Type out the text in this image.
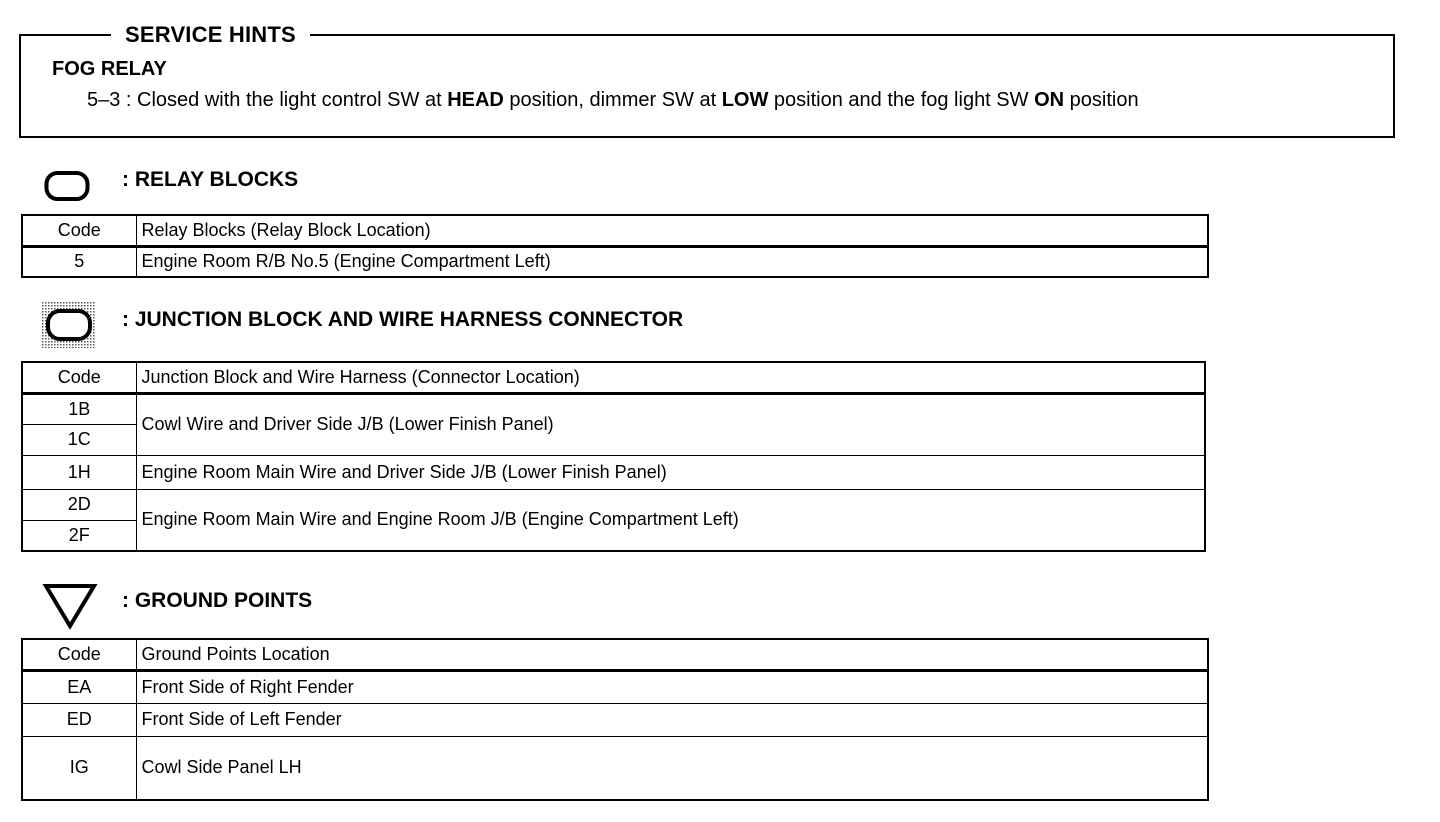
SERVICE HINTS
FOG RELAY
5–3 : Closed with the light control SW at HEAD position, dimmer SW at LOW position and the fog light SW ON position
: RELAY BLOCKS
Code	Relay Blocks (Relay Block Location)
5	Engine Room R/B No.5 (Engine Compartment Left)
: JUNCTION BLOCK AND WIRE HARNESS CONNECTOR
Code	Junction Block and Wire Harness (Connector Location)
1B	Cowl Wire and Driver Side J/B (Lower Finish Panel)
1C	
1H	Engine Room Main Wire and Driver Side J/B (Lower Finish Panel)
2D	Engine Room Main Wire and Engine Room J/B (Engine Compartment Left)
2F	
: GROUND POINTS
Code	Ground Points Location
EA	Front Side of Right Fender
ED	Front Side of Left Fender
IG	Cowl Side Panel LH
